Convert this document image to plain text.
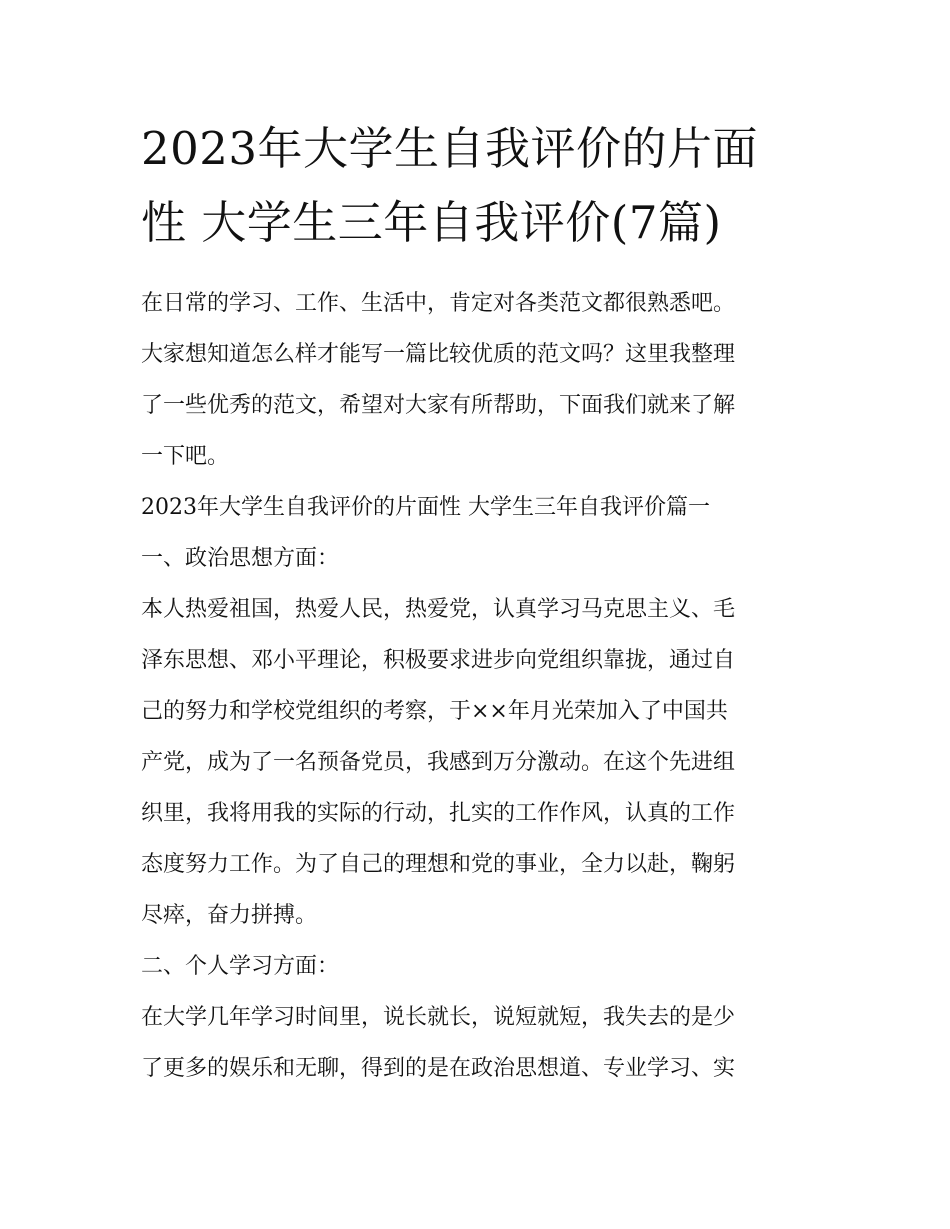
2023年大学生自我评价的片面
性 大学生三年自我评价(7篇)

在日常的学习、工作、生活中，肯定对各类范文都很熟悉吧。
大家想知道怎么样才能写一篇比较优质的范文吗？这里我整理
了一些优秀的范文，希望对大家有所帮助，下面我们就来了解
一下吧。

2023年大学生自我评价的片面性 大学生三年自我评价篇一

一、政治思想方面：

本人热爱祖国，热爱人民，热爱党，认真学习马克思主义、毛
泽东思想、邓小平理论，积极要求进步向党组织靠拢，通过自
己的努力和学校党组织的考察，于××年月光荣加入了中国共
产党，成为了一名预备党员，我感到万分激动。在这个先进组
织里，我将用我的实际的行动，扎实的工作作风，认真的工作
态度努力工作。为了自己的理想和党的事业，全力以赴，鞠躬
尽瘁，奋力拼搏。

二、个人学习方面：

在大学几年学习时间里，说长就长，说短就短，我失去的是少
了更多的娱乐和无聊，得到的是在政治思想道、专业学习、实
